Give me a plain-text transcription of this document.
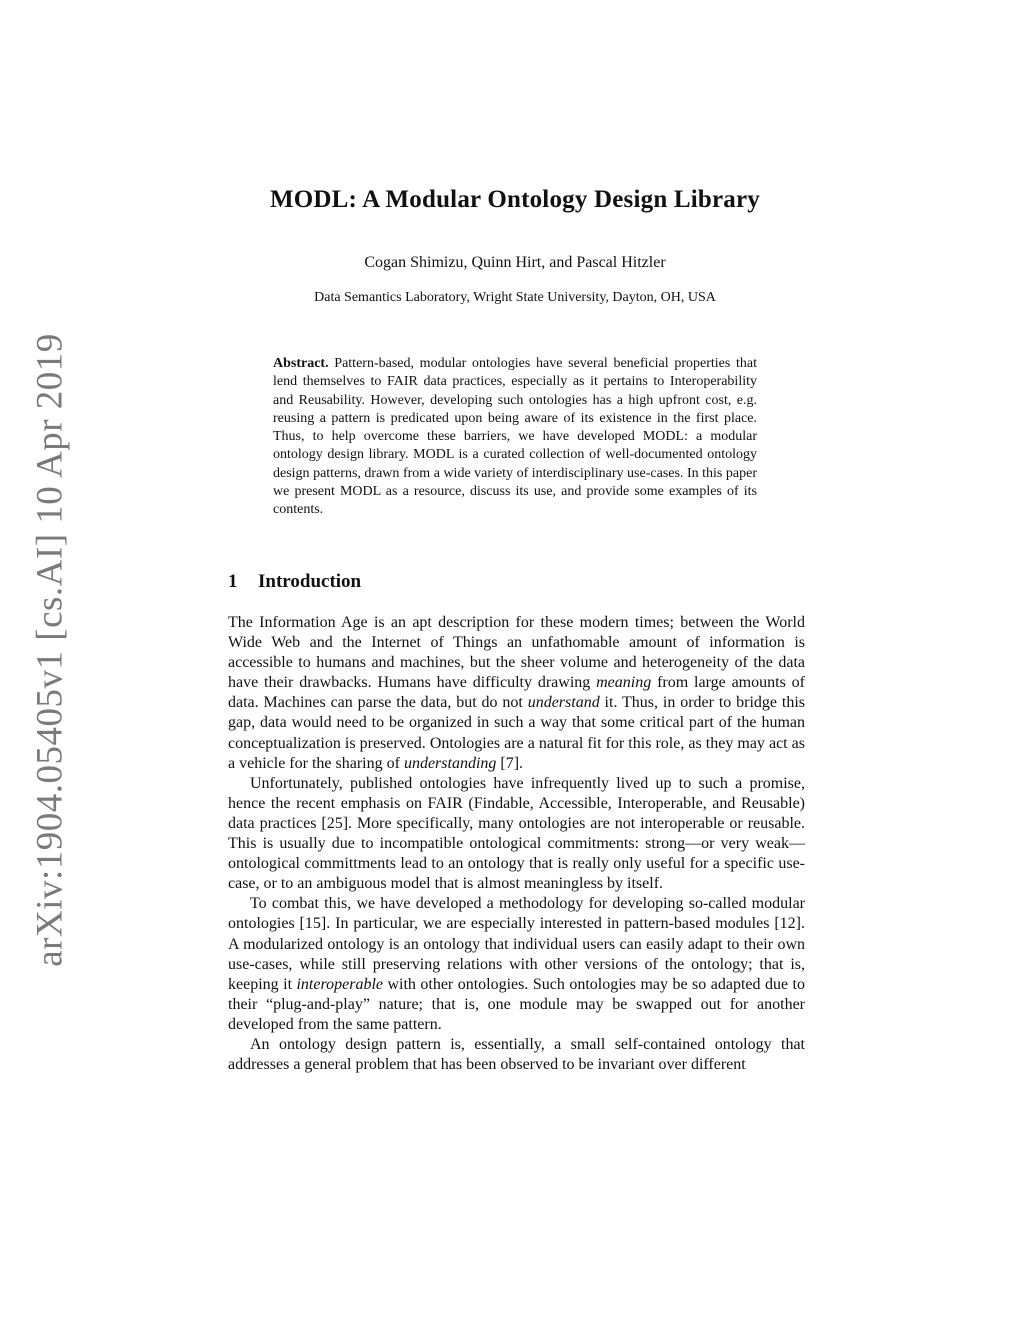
arXiv:1904.05405v1 [cs.AI] 10 Apr 2019
MODL: A Modular Ontology Design Library
Cogan Shimizu, Quinn Hirt, and Pascal Hitzler
Data Semantics Laboratory, Wright State University, Dayton, OH, USA
Abstract. Pattern-based, modular ontologies have several beneficial properties that lend themselves to FAIR data practices, especially as it pertains to Interoperability and Reusability. However, developing such ontologies has a high upfront cost, e.g. reusing a pattern is predicated upon being aware of its existence in the first place. Thus, to help overcome these barriers, we have developed MODL: a modular ontology design library. MODL is a curated collection of well-documented ontology design patterns, drawn from a wide variety of interdisciplinary use-cases. In this paper we present MODL as a resource, discuss its use, and provide some examples of its contents.
1 Introduction

The Information Age is an apt description for these modern times; between the World Wide Web and the Internet of Things an unfathomable amount of information is accessible to humans and machines, but the sheer volume and heterogeneity of the data have their drawbacks. Humans have difficulty drawing meaning from large amounts of data. Machines can parse the data, but do not understand it. Thus, in order to bridge this gap, data would need to be organized in such a way that some critical part of the human conceptualization is preserved. Ontologies are a natural fit for this role, as they may act as a vehicle for the sharing of understanding [7].

Unfortunately, published ontologies have infrequently lived up to such a promise, hence the recent emphasis on FAIR (Findable, Accessible, Interoperable, and Reusable) data practices [25]. More specifically, many ontologies are not interoperable or reusable. This is usually due to incompatible ontological commitments: strong—or very weak—ontological committments lead to an ontology that is really only useful for a specific use-case, or to an ambiguous model that is almost meaningless by itself.

To combat this, we have developed a methodology for developing so-called modular ontologies [15]. In particular, we are especially interested in pattern-based modules [12]. A modularized ontology is an ontology that individual users can easily adapt to their own use-cases, while still preserving relations with other versions of the ontology; that is, keeping it interoperable with other ontologies. Such ontologies may be so adapted due to their “plug-and-play” nature; that is, one module may be swapped out for another developed from the same pattern.

An ontology design pattern is, essentially, a small self-contained ontology that addresses a general problem that has been observed to be invariant over different
